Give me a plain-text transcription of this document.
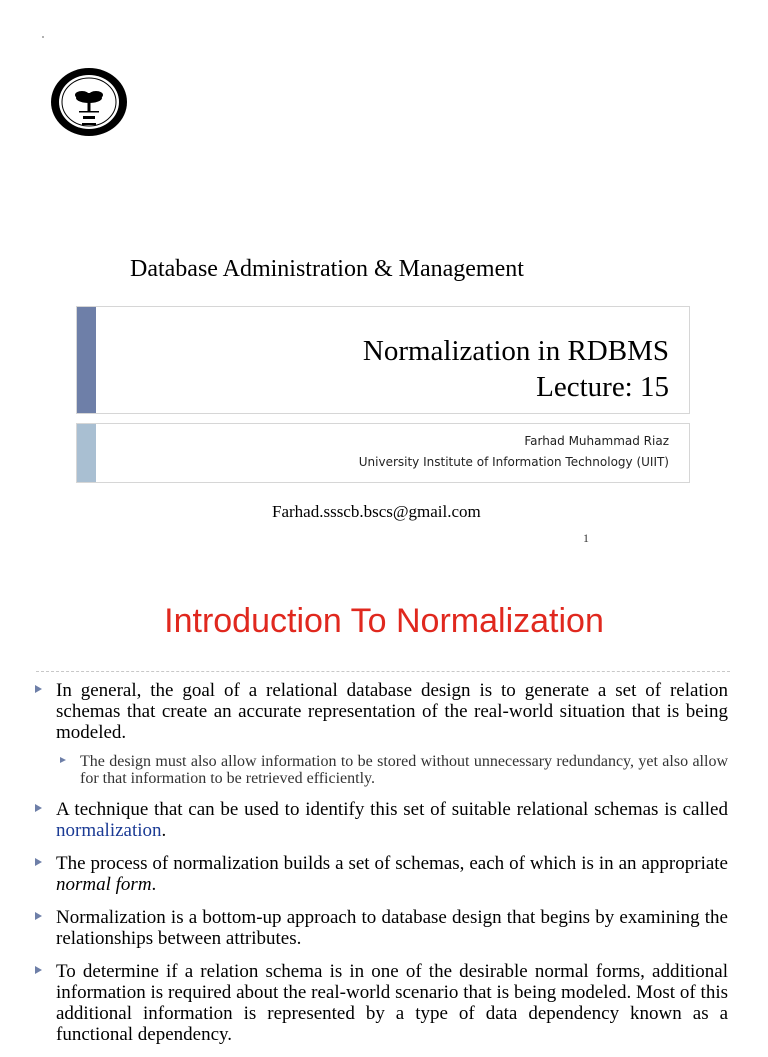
Database Administration & Management
Normalization in RDBMS
Lecture: 15
Farhad Muhammad Riaz
University Institute of Information Technology (UIIT)
Farhad.ssscb.bscs@gmail.com
1
Introduction To Normalization
In general, the goal of a relational database design is to generate a set of relation schemas that create an accurate representation of the real-world situation that is being modeled.
The design must also allow information to be stored without unnecessary redundancy, yet also allow for that information to be retrieved efficiently.
A technique that can be used to identify this set of suitable relational schemas is called normalization.
The process of normalization builds a set of schemas, each of which is in an appropriate normal form.
Normalization is a bottom-up approach to database design that begins by examining the relationships between attributes.
To determine if a relation schema is in one of the desirable normal forms, additional information is required about the real-world scenario that is being modeled. Most of this additional information is represented by a type of data dependency known as a functional dependency.
